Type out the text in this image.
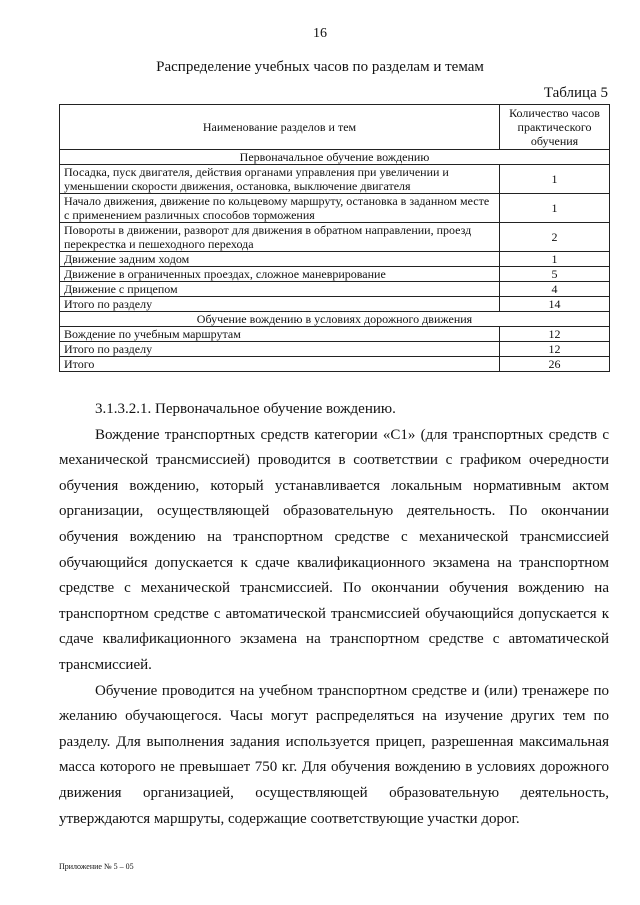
16
Распределение учебных часов по разделам и темам
Таблица 5
Наименование разделов и тем	Количество часов практического обучения
Первоначальное обучение вождению	
Посадка, пуск двигателя, действия органами управления при увеличении и уменьшении скорости движения, остановка, выключение двигателя	1
Начало движения, движение по кольцевому маршруту, остановка в заданном месте с применением различных способов торможения	1
Повороты в движении, разворот для движения в обратном направлении, проезд перекрестка и пешеходного перехода	2
Движение задним ходом	1
Движение в ограниченных проездах, сложное маневрирование	5
Движение с прицепом	4
Итого по разделу	14
Обучение вождению в условиях дорожного движения	
Вождение по учебным маршрутам	12
Итого по разделу	12
Итого	26

3.1.3.2.1. Первоначальное обучение вождению.

Вождение транспортных средств категории «С1» (для транспортных средств с механической трансмиссией) проводится в соответствии с графиком очередности обучения вождению, который устанавливается локальным нормативным актом организации, осуществляющей образовательную деятельность. По окончании обучения вождению на транспортном средстве с механической трансмиссией обучающийся допускается к сдаче квалификационного экзамена на транспортном средстве с механической трансмиссией. По окончании обучения вождению на транспортном средстве с автоматической трансмиссией обучающийся допускается к сдаче квалификационного экзамена на транспортном средстве с автоматической трансмиссией.

Обучение проводится на учебном транспортном средстве и (или) тренажере по желанию обучающегося. Часы могут распределяться на изучение других тем по разделу. Для выполнения задания используется прицеп, разрешенная максимальная масса которого не превышает 750 кг. Для обучения вождению в условиях дорожного движения организацией, осуществляющей образовательную деятельность, утверждаются маршруты, содержащие соответствующие участки дорог.

Приложение № 5 – 05
